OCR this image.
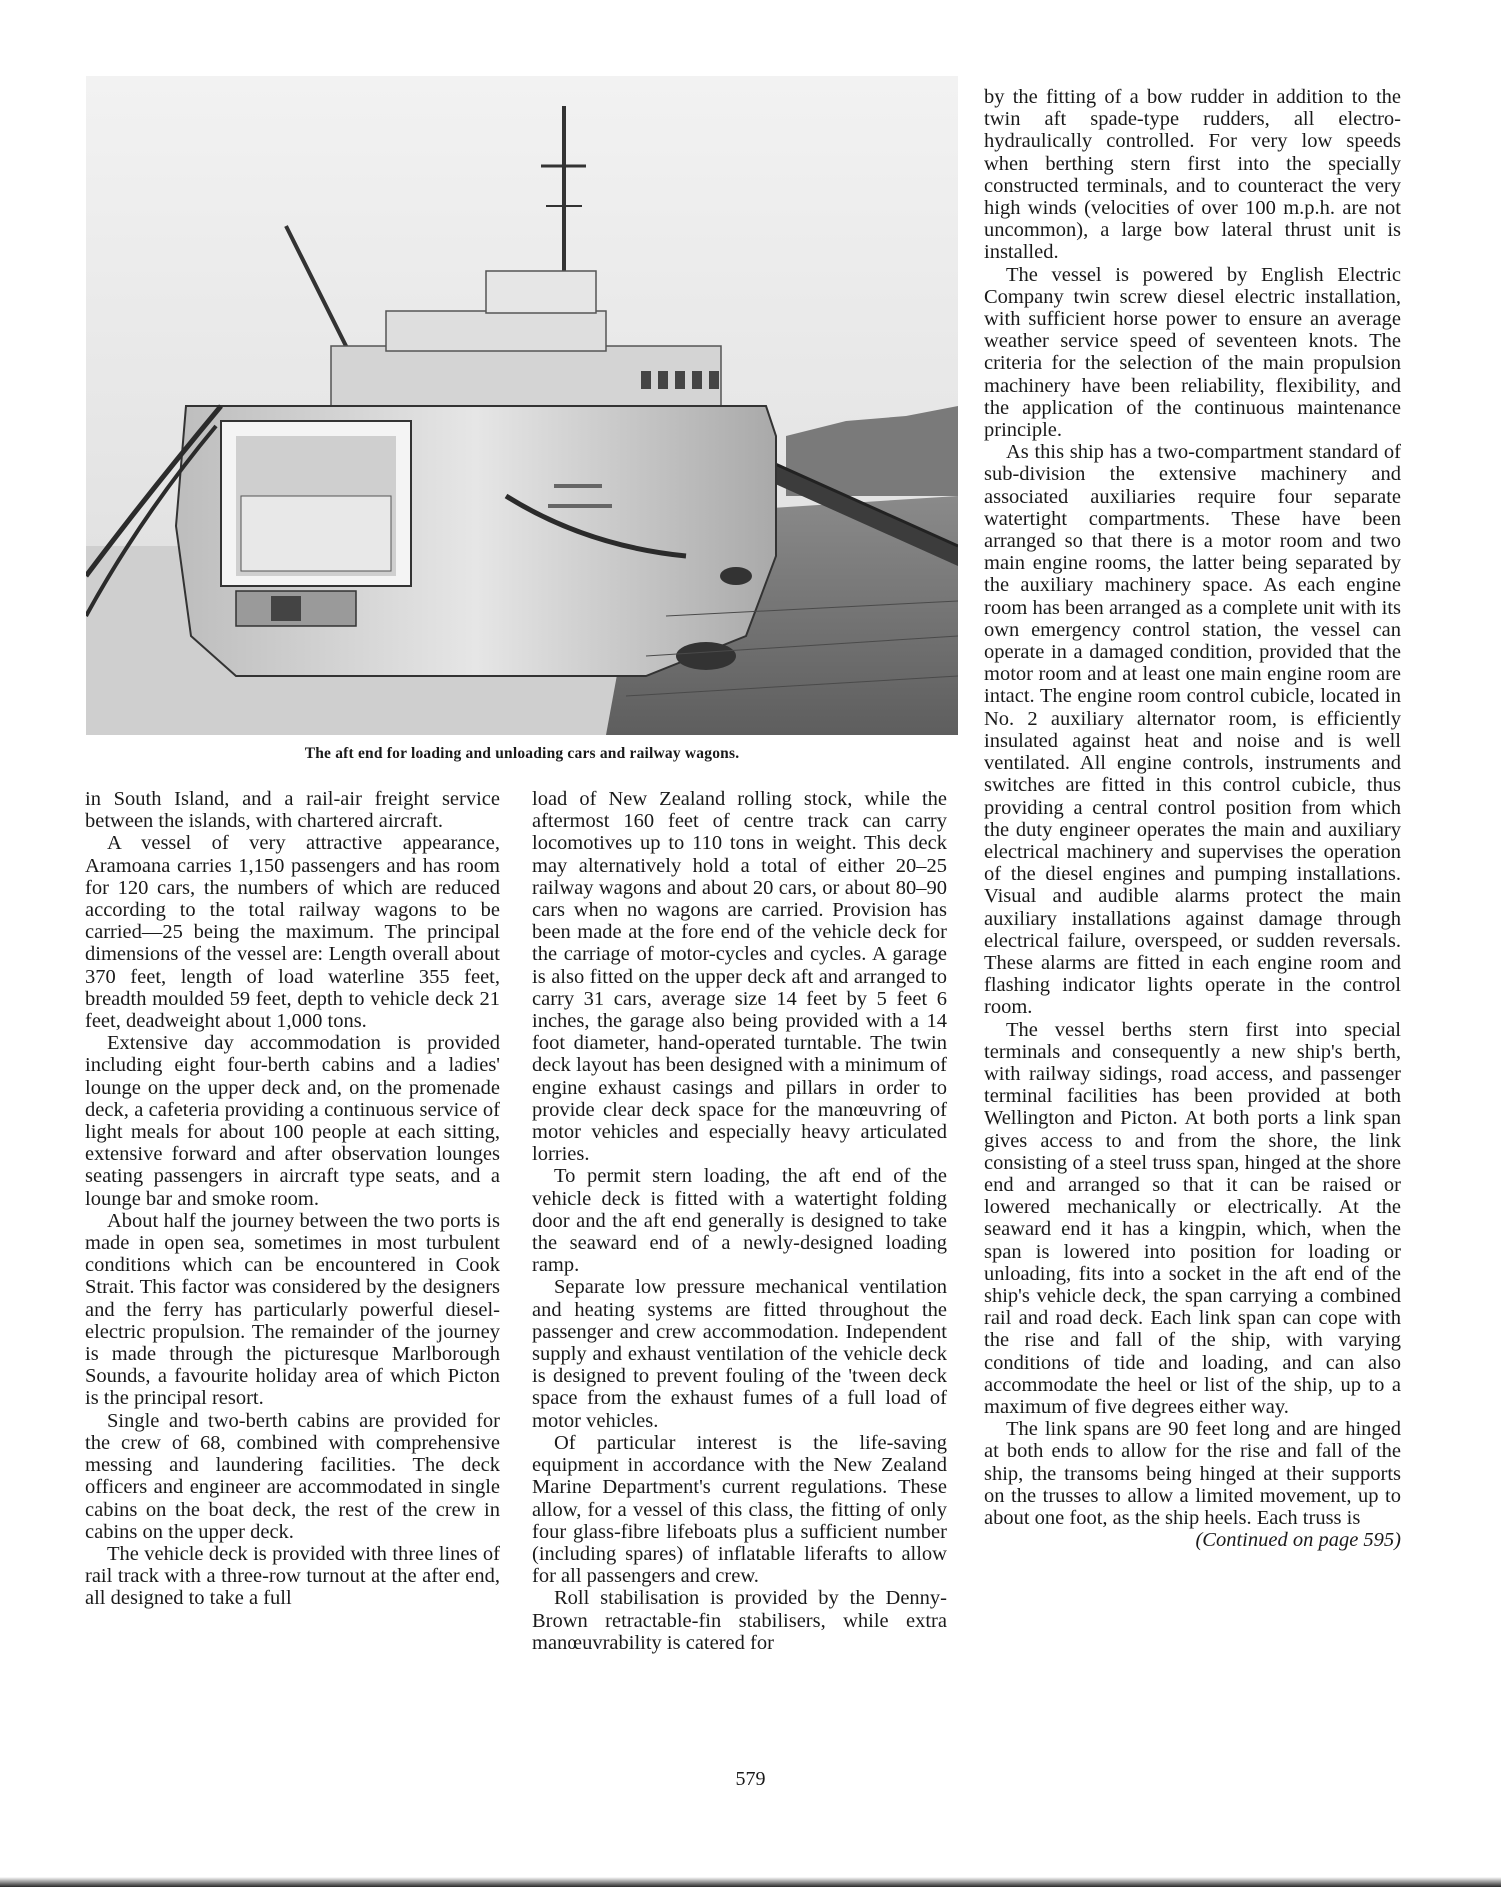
The aft end for loading and unloading cars and railway wagons.

in South Island, and a rail-air freight service between the islands, with chartered aircraft.

A vessel of very attractive appearance, Aramoana carries 1,150 passengers and has room for 120 cars, the numbers of which are reduced according to the total railway wagons to be carried—25 being the maximum. The principal dimensions of the vessel are: Length overall about 370 feet, length of load waterline 355 feet, breadth moulded 59 feet, depth to vehicle deck 21 feet, deadweight about 1,000 tons.

Extensive day accommodation is provided including eight four-berth cabins and a ladies' lounge on the upper deck and, on the promenade deck, a cafeteria providing a continuous service of light meals for about 100 people at each sitting, extensive forward and after observation lounges seating passengers in aircraft type seats, and a lounge bar and smoke room.

About half the journey between the two ports is made in open sea, sometimes in most turbulent conditions which can be encountered in Cook Strait. This factor was considered by the designers and the ferry has particularly powerful diesel-electric propulsion. The remainder of the journey is made through the picturesque Marlborough Sounds, a favourite holiday area of which Picton is the principal resort.

Single and two-berth cabins are provided for the crew of 68, combined with comprehensive messing and laundering facilities. The deck officers and engineer are accommodated in single cabins on the boat deck, the rest of the crew in cabins on the upper deck.

The vehicle deck is provided with three lines of rail track with a three-row turnout at the after end, all designed to take a full

load of New Zealand rolling stock, while the aftermost 160 feet of centre track can carry locomotives up to 110 tons in weight. This deck may alternatively hold a total of either 20–25 railway wagons and about 20 cars, or about 80–90 cars when no wagons are carried. Provision has been made at the fore end of the vehicle deck for the carriage of motor-cycles and cycles. A garage is also fitted on the upper deck aft and arranged to carry 31 cars, average size 14 feet by 5 feet 6 inches, the garage also being provided with a 14 foot diameter, hand-operated turntable. The twin deck layout has been designed with a minimum of engine exhaust casings and pillars in order to provide clear deck space for the manœuvring of motor vehicles and especially heavy articulated lorries.

To permit stern loading, the aft end of the vehicle deck is fitted with a watertight folding door and the aft end generally is designed to take the seaward end of a newly-designed loading ramp.

Separate low pressure mechanical ventilation and heating systems are fitted throughout the passenger and crew accommodation. Independent supply and exhaust ventilation of the vehicle deck is designed to prevent fouling of the 'tween deck space from the exhaust fumes of a full load of motor vehicles.

Of particular interest is the life-saving equipment in accordance with the New Zealand Marine Department's current regulations. These allow, for a vessel of this class, the fitting of only four glass-fibre lifeboats plus a sufficient number (including spares) of inflatable liferafts to allow for all passengers and crew.

Roll stabilisation is provided by the Denny-Brown retractable-fin stabilisers, while extra manœuvrability is catered for

by the fitting of a bow rudder in addition to the twin aft spade-type rudders, all electro-hydraulically controlled. For very low speeds when berthing stern first into the specially constructed terminals, and to counteract the very high winds (velocities of over 100 m.p.h. are not uncommon), a large bow lateral thrust unit is installed.

The vessel is powered by English Electric Company twin screw diesel electric installation, with sufficient horse power to ensure an average weather service speed of seventeen knots. The criteria for the selection of the main propulsion machinery have been reliability, flexibility, and the application of the continuous maintenance principle.

As this ship has a two-compartment standard of sub-division the extensive machinery and associated auxiliaries require four separate watertight compartments. These have been arranged so that there is a motor room and two main engine rooms, the latter being separated by the auxiliary machinery space. As each engine room has been arranged as a complete unit with its own emergency control station, the vessel can operate in a damaged condition, provided that the motor room and at least one main engine room are intact. The engine room control cubicle, located in No. 2 auxiliary alternator room, is efficiently insulated against heat and noise and is well ventilated. All engine controls, instruments and switches are fitted in this control cubicle, thus providing a central control position from which the duty engineer operates the main and auxiliary electrical machinery and supervises the operation of the diesel engines and pumping installations. Visual and audible alarms protect the main auxiliary installations against damage through electrical failure, overspeed, or sudden reversals. These alarms are fitted in each engine room and flashing indicator lights operate in the control room.

The vessel berths stern first into special terminals and consequently a new ship's berth, with railway sidings, road access, and passenger terminal facilities has been provided at both Wellington and Picton. At both ports a link span gives access to and from the shore, the link consisting of a steel truss span, hinged at the shore end and arranged so that it can be raised or lowered mechanically or electrically. At the seaward end it has a kingpin, which, when the span is lowered into position for loading or unloading, fits into a socket in the aft end of the ship's vehicle deck, the span carrying a combined rail and road deck. Each link span can cope with the rise and fall of the ship, with varying conditions of tide and loading, and can also accommodate the heel or list of the ship, up to a maximum of five degrees either way.

The link spans are 90 feet long and are hinged at both ends to allow for the rise and fall of the ship, the transoms being hinged at their supports on the trusses to allow a limited movement, up to about one foot, as the ship heels. Each truss is

(Continued on page 595)

579
